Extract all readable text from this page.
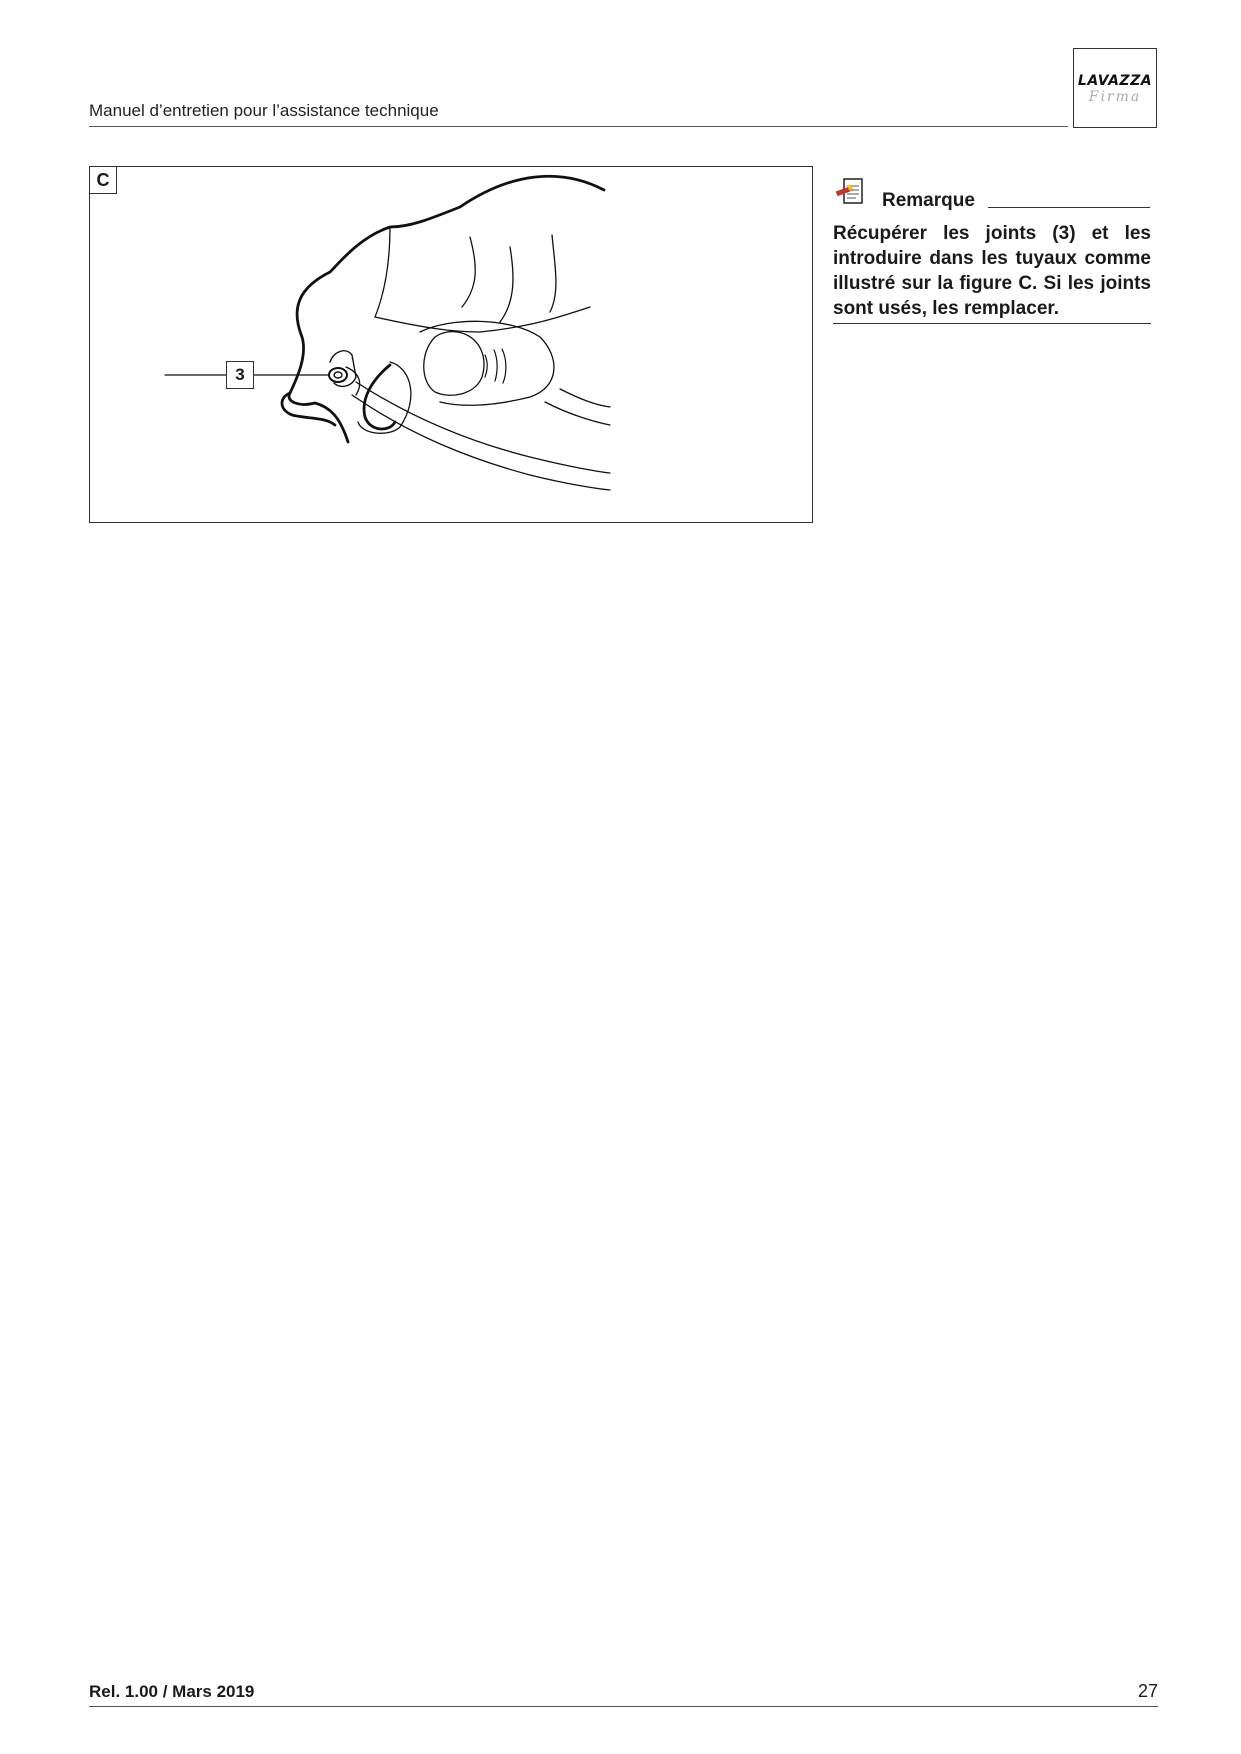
Manuel d’entretien pour l’assistance technique
LAVAZZA
Firma
C
3
Remarque
Récupérer les joints (3) et les introduire dans les tuyaux comme illustré sur la figure C. Si les joints sont usés, les remplacer.
Rel. 1.00 / Mars 2019	27
